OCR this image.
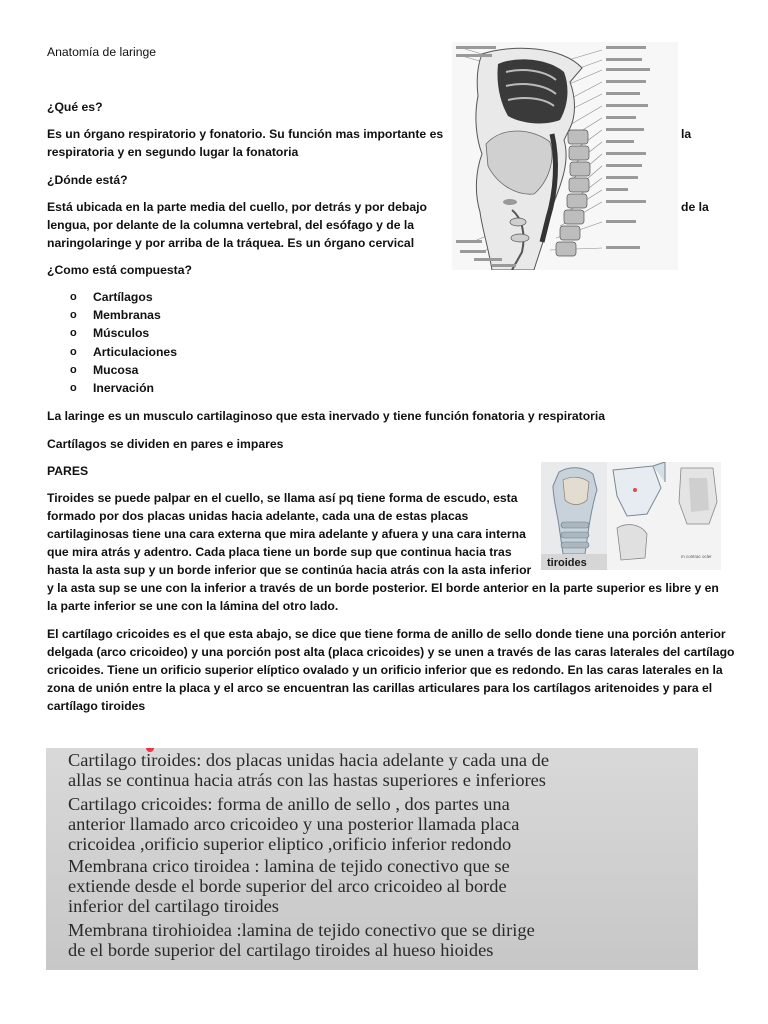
Anatomía de laringe

¿Qué es?

Es un órgano respiratorio y fonatorio. Su función mas importante es	la

respiratoria y en segundo lugar la fonatoria

¿Dónde está?

Está ubicada en la parte media del cuello, por detrás y por debajo	de la

lengua, por delante de la columna vertebral, del esófago y de la

naringolaringe y por arriba de la tráquea. Es un órgano cervical

¿Como está compuesta?

o	Cartílagos
o	Membranas
o	Músculos
o	Articulaciones
o	Mucosa
o	Inervación

La laringe es un musculo cartilaginoso que esta inervado y tiene función fonatoria y respiratoria

Cartílagos se dividen en pares e impares

PARES

Tiroides se puede palpar en el cuello, se llama así pq tiene forma de escudo, esta

formado por dos placas unidas hacia adelante, cada una de estas placas

cartilaginosas tiene una cara externa que mira adelante y afuera y una cara interna

que mira atrás y adentro. Cada placa tiene un borde sup que continua hacia tras

hasta la asta sup y un borde inferior que se continúa hacia atrás con la asta inferior

y la asta sup se une con la inferior a través de un borde posterior. El borde anterior en la parte superior es libre y en

la parte inferior se une con la lámina del otro lado.

El cartílago cricoides es el que esta abajo, se dice que tiene forma de anillo de sello donde tiene una porción anterior

delgada (arco cricoideo) y una porción post alta (placa cricoides) y se unen a través de las caras laterales del cartílago

cricoides. Tiene un orificio superior elíptico ovalado y un orificio inferior que es redondo. En las caras laterales en la

zona de unión entre la placa y el arco se encuentran las carillas articulares para los cartílagos aritenoides y para el

cartílago tiroides

tiroides
m contrac ocler
Cartilago tiroides: dos placas unidas hacia adelante y cada una de
allas se continua hacia atrás con las hastas superiores e inferiores
Cartilago cricoides: forma de anillo de sello , dos partes una
anterior llamado arco cricoideo y una posterior llamada placa
cricoidea ,orificio superior eliptico ,orificio inferior redondo
Membrana crico tiroidea : lamina de tejido conectivo que se
extiende desde el borde superior del arco cricoideo al borde
inferior del cartilago tiroides
Membrana tirohioidea :lamina de tejido conectivo que se dirige
de el borde superior del cartilago tiroides al hueso hioides
